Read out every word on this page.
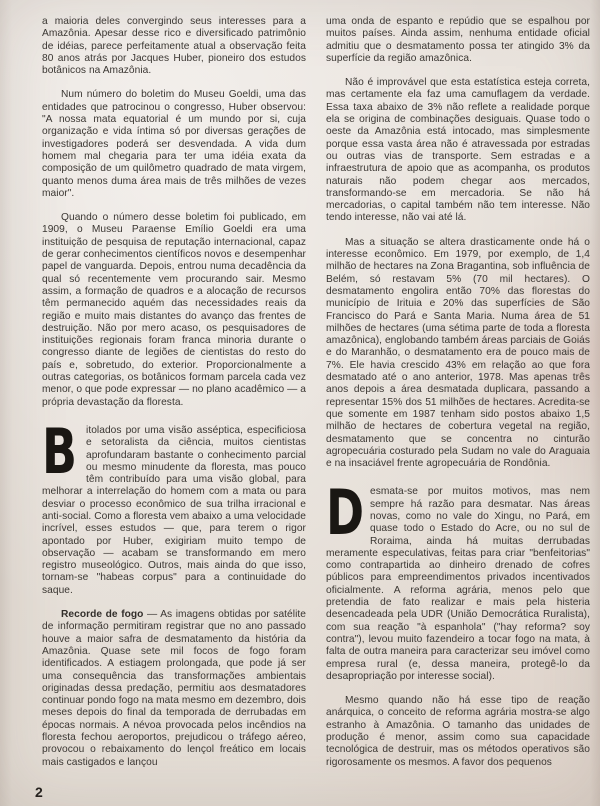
a maioria deles convergindo seus interesses para a Amazônia. Apesar desse rico e diversificado patrimônio de idéias, parece perfeitamente atual a observação feita 80 anos atrás por Jacques Huber, pioneiro dos estudos botânicos na Amazônia.

Num número do boletim do Museu Goeldi, uma das entidades que patrocinou o congresso, Huber observou: "A nossa mata equatorial é um mundo por si, cuja organização e vida íntima só por diversas gerações de investigadores poderá ser desvendada. A vida dum homem mal chegaria para ter uma idéia exata da composição de um quilômetro quadrado de mata virgem, quanto menos duma área mais de três milhões de vezes maior".

Quando o número desse boletim foi publicado, em 1909, o Museu Paraense Emílio Goeldi era uma instituição de pesquisa de reputação internacional, capaz de gerar conhecimentos científicos novos e desempenhar papel de vanguarda. Depois, entrou numa decadência da qual só recentemente vem procurando sair. Mesmo assim, a formação de quadros e a alocação de recursos têm permanecido aquém das necessidades reais da região e muito mais distantes do avanço das frentes de destruição. Não por mero acaso, os pesquisadores de instituições regionais foram franca minoria durante o congresso diante de legiões de cientistas do resto do país e, sobretudo, do exterior. Proporcionalmente a outras categorias, os botânicos formam parcela cada vez menor, o que pode expressar — no plano acadêmico — a própria devastação da floresta.

Bitolados por uma visão asséptica, especificiosa e setoralista da ciência, muitos cientistas aprofundaram bastante o conhecimento parcial ou mesmo minudente da floresta, mas pouco têm contribuído para uma visão global, para melhorar a interrelação do homem com a mata ou para desviar o processo econômico de sua trilha irracional e anti-social. Como a floresta vem abaixo a uma velocidade incrível, esses estudos — que, para terem o rigor apontado por Huber, exigiriam muito tempo de observação — acabam se transformando em mero registro museológico. Outros, mais ainda do que isso, tornam-se "habeas corpus" para a continuidade do saque.

Recorde de fogo — As imagens obtidas por satélite de informação permitiram registrar que no ano passado houve a maior safra de desmatamento da história da Amazônia. Quase sete mil focos de fogo foram identificados. A estiagem prolongada, que pode já ser uma consequência das transformações ambientais originadas dessa predação, permitiu aos desmatadores continuar pondo fogo na mata mesmo em dezembro, dois meses depois do final da temporada de derrubadas em épocas normais. A névoa provocada pelos incêndios na floresta fechou aeroportos, prejudicou o tráfego aéreo, provocou o rebaixamento do lençol freático em locais mais castigados e lançou

uma onda de espanto e repúdio que se espalhou por muitos países. Ainda assim, nenhuma entidade oficial admitiu que o desmatamento possa ter atingido 3% da superfície da região amazônica.

Não é improvável que esta estatística esteja correta, mas certamente ela faz uma camuflagem da verdade. Essa taxa abaixo de 3% não reflete a realidade porque ela se origina de combinações desiguais. Quase todo o oeste da Amazônia está intocado, mas simplesmente porque essa vasta área não é atravessada por estradas ou outras vias de transporte. Sem estradas e a infraestrutura de apoio que as acompanha, os produtos naturais não podem chegar aos mercados, transformando-se em mercadoria. Se não há mercadorias, o capital também não tem interesse. Não tendo interesse, não vai até lá.

Mas a situação se altera drasticamente onde há o interesse econômico. Em 1979, por exemplo, de 1,4 milhão de hectares na Zona Bragantina, sob influência de Belém, só restavam 5% (70 mil hectares). O desmatamento engolira então 70% das florestas do município de Irituia e 20% das superfícies de São Francisco do Pará e Santa Maria. Numa área de 51 milhões de hectares (uma sétima parte de toda a floresta amazônica), englobando também áreas parciais de Goiás e do Maranhão, o desmatamento era de pouco mais de 7%. Ele havia crescido 43% em relação ao que fora desmatado até o ano anterior, 1978. Mas apenas três anos depois a área desmatada duplicara, passando a representar 15% dos 51 milhões de hectares. Acredita-se que somente em 1987 tenham sido postos abaixo 1,5 milhão de hectares de cobertura vegetal na região, desmatamento que se concentra no cinturão agropecuária costurado pela Sudam no vale do Araguaia e na insaciável frente agropecuária de Rondônia.

Desmata-se por muitos motivos, mas nem sempre há razão para desmatar. Nas áreas novas, como no vale do Xingu, no Pará, em quase todo o Estado do Acre, ou no sul de Roraima, ainda há muitas derrubadas meramente especulativas, feitas para criar "benfeitorias" como contrapartida ao dinheiro drenado de cofres públicos para empreendimentos privados incentivados oficialmente. A reforma agrária, menos pelo que pretendia de fato realizar e mais pela histeria desencadeada pela UDR (União Democrática Ruralista), com sua reação "à espanhola" ("hay reforma? soy contra"), levou muito fazendeiro a tocar fogo na mata, à falta de outra maneira para caracterizar seu imóvel como empresa rural (e, dessa maneira, protegê-lo da desapropriação por interesse social).

Mesmo quando não há esse tipo de reação anárquica, o conceito de reforma agrária mostra-se algo estranho à Amazônia. O tamanho das unidades de produção é menor, assim como sua capacidade tecnológica de destruir, mas os métodos operativos são rigorosamente os mesmos. A favor dos pequenos

2
